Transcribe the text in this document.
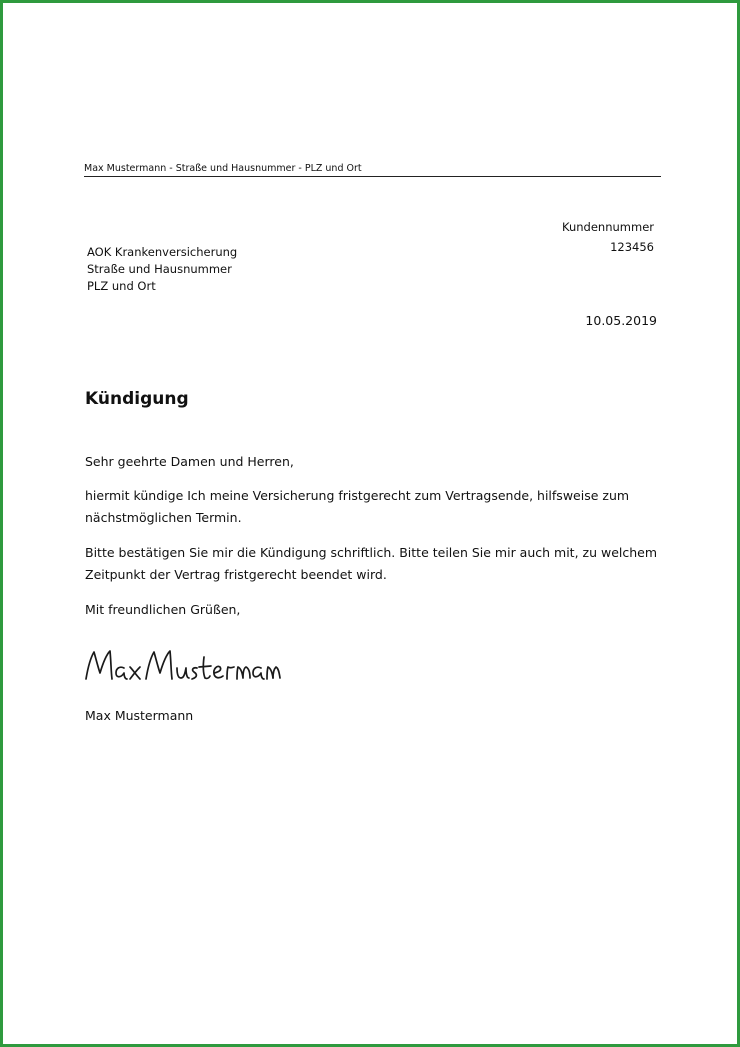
Max Mustermann - Straße und Hausnummer - PLZ und Ort
Kundennummer
123456
AOK Krankenversicherung
Straße und Hausnummer
PLZ und Ort
10.05.2019
Kündigung
Sehr geehrte Damen und Herren,
hiermit kündige Ich meine Versicherung fristgerecht zum Vertragsende, hilfsweise zum nächstmöglichen Termin.
Bitte bestätigen Sie mir die Kündigung schriftlich. Bitte teilen Sie mir auch mit, zu welchem Zeitpunkt der Vertrag fristgerecht beendet wird.
Mit freundlichen Grüßen,
Max Mustermann
